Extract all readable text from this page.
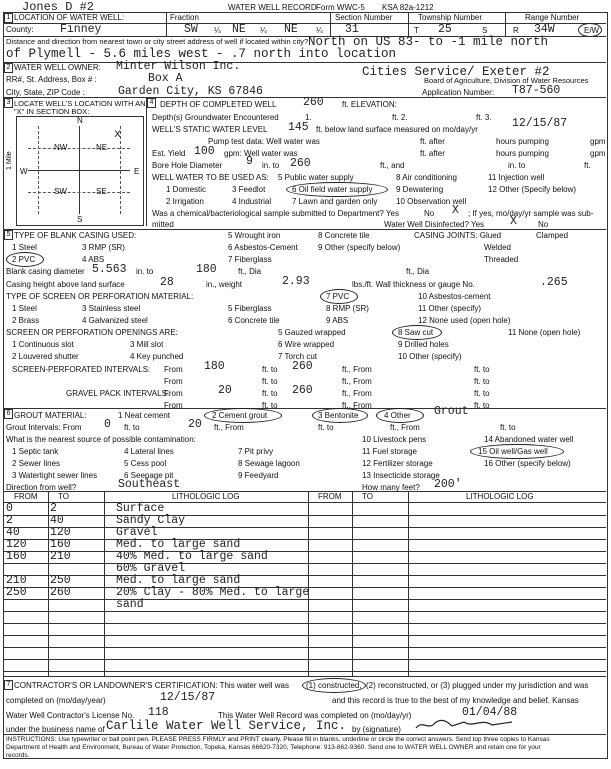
Jones D #2	WATER WELL RECORD Form WWC-5 KSA 82a-1212
1 LOCATION OF WATER WELL:	Fraction	Section Number	Township Number	Range Number
County: Finney	SW ¼ NE ¼ NE ¼ 31	T 25	S	R 34W	E/W
Distance and direction from nearest town or city street address of well if located within city? North on US 83- to -1 mile north
of Plymell - 5.6 miles west - .7 north into location
2 WATER WELL OWNER: Minter Wilson Inc.	Cities Service/ Exeter #2
RR#, St. Address, Box # :	Box A	Board of Agriculture, Division of Water Resources
City, State, ZIP Code :	Garden City, KS 67846	Application Number: T87-560
3 LOCATE WELL'S LOCATION WITH AN "X" IN SECTION BOX:
N
S
W	E
1 Mile
NW	NE
SW	SE
x
4 DEPTH OF COMPLETED WELL 260 ft. ELEVATION:
Depth(s) Groundwater Encountered	1.	ft. 2.	ft. 3.
WELL'S STATIC WATER LEVEL 145 ft. below land surface measured on mo/day/yr	12/15/87
Pump test data: Well water was	ft. after	hours pumping	gpm
Est. Yield 100 gpm: Well water was	ft. after	hours pumping	gpm
Bore Hole Diameter 9 in. to 260	ft., and	in. to	ft.
WELL WATER TO BE USED AS: 5 Public water supply	8 Air conditioning	11 Injection well
1 Domestic	3 Feedlot	6 Oil field water supply	9 Dewatering	12 Other (Specify below)
2 Irrigation	4 Industrial	7 Lawn and garden only 10 Observation well
Was a chemical/bacteriological sample submitted to Department? Yes	No X ; If yes, mo/day/yr sample was sub-
mitted	Water Well Disinfected? Yes X	No
5 TYPE OF BLANK CASING USED:	5 Wrought iron	8 Concrete tile	CASING JOINTS: Glued	Clamped
1 Steel	3 RMP (SR)	6 Asbestos-Cement	9 Other (specify below)	Welded
2 PVC	4 ABS	7 Fiberglass	Threaded
Blank casing diameter 5.563 in. to	180	ft., Dia	ft., Dia
Casing height above land surface	28	in., weight	2.93	lbs./ft. Wall thickness or gauge No.	.265
TYPE OF SCREEN OR PERFORATION MATERIAL:	7 PVC	10 Asbestos-cement
1 Steel	3 Stainless steel	5 Fiberglass	8 RMP (SR)	11 Other (specify)
2 Brass	4 Galvanized steel	6 Concrete tile	9 ABS	12 None used (open hole)
SCREEN OR PERFORATION OPENINGS ARE:	5 Gauzed wrapped	8 Saw cut	11 None (open hole)
1 Continuous slot	3 Mill slot	6 Wire wrapped	9 Drilled holes
2 Louvered shutter	4 Key punched	7 Torch cut	10 Other (specify)
SCREEN-PERFORATED INTERVALS: From 180	ft. to 260	ft., From	ft. to
From	ft. to	ft., From	ft. to
GRAVEL PACK INTERVALS:
From	20	ft. to 260	ft., From	ft. to
From	ft. to	ft., From	ft. to
6 GROUT MATERIAL:	1 Neat cement	2 Cement grout	3 Bentonite	4 Other Grout
Grout Intervals: From 0 ft. to	20 ft., From	ft. to	ft., From	ft. to
What is the nearest source of possible contamination:	10 Livestock pens	14 Abandoned water well
1 Septic tank	4 Lateral lines	7 Pit privy	11 Fuel storage	15 Oil well/Gas well
2 Sewer lines	5 Cess pool	8 Sewage lagoon	12 Fertilizer storage	16 Other (specify below)
3 Watertight sewer lines	6 Seepage pit	9 Feedyard	13 Insecticide storage
Direction from well?	Southeast	How many feet? 200'
FROM	TO	LITHOLOGIC LOG	FROM	TO	LITHOLOGIC LOG
0	2	Surface
2	40	Sandy Clay
40	120	Gravel
120 160	Med. to large sand
160 210	40% Med. to large sand
60% Gravel
210 250	Med. to large sand
250 260	20% Clay - 80% Med. to large
sand
7 CONTRACTOR'S OR LANDOWNER'S CERTIFICATION: This water well was (1) constructed, (2) reconstructed, or (3) plugged under my jurisdiction and was
completed on (mo/day/year)	12/15/87	and this record is true to the best of my knowledge and belief. Kansas
Water Well Contractor's License No. 118	This Water Well Record was completed on (mo/day/yr)	01/04/88
under the business name of Carlile Water Well Service, Inc. by (signature)
INSTRUCTIONS: Use typewriter or ball point pen. PLEASE PRESS FIRMLY and PRINT clearly. Please fill in blanks, underline or circle the correct answers. Send top three copies to Kansas
Department of Health and Environment, Bureau of Water Protection, Topeka, Kansas 66620-7320, Telephone: 913-862-9360. Send one to WATER WELL OWNER and retain one for your
records.
